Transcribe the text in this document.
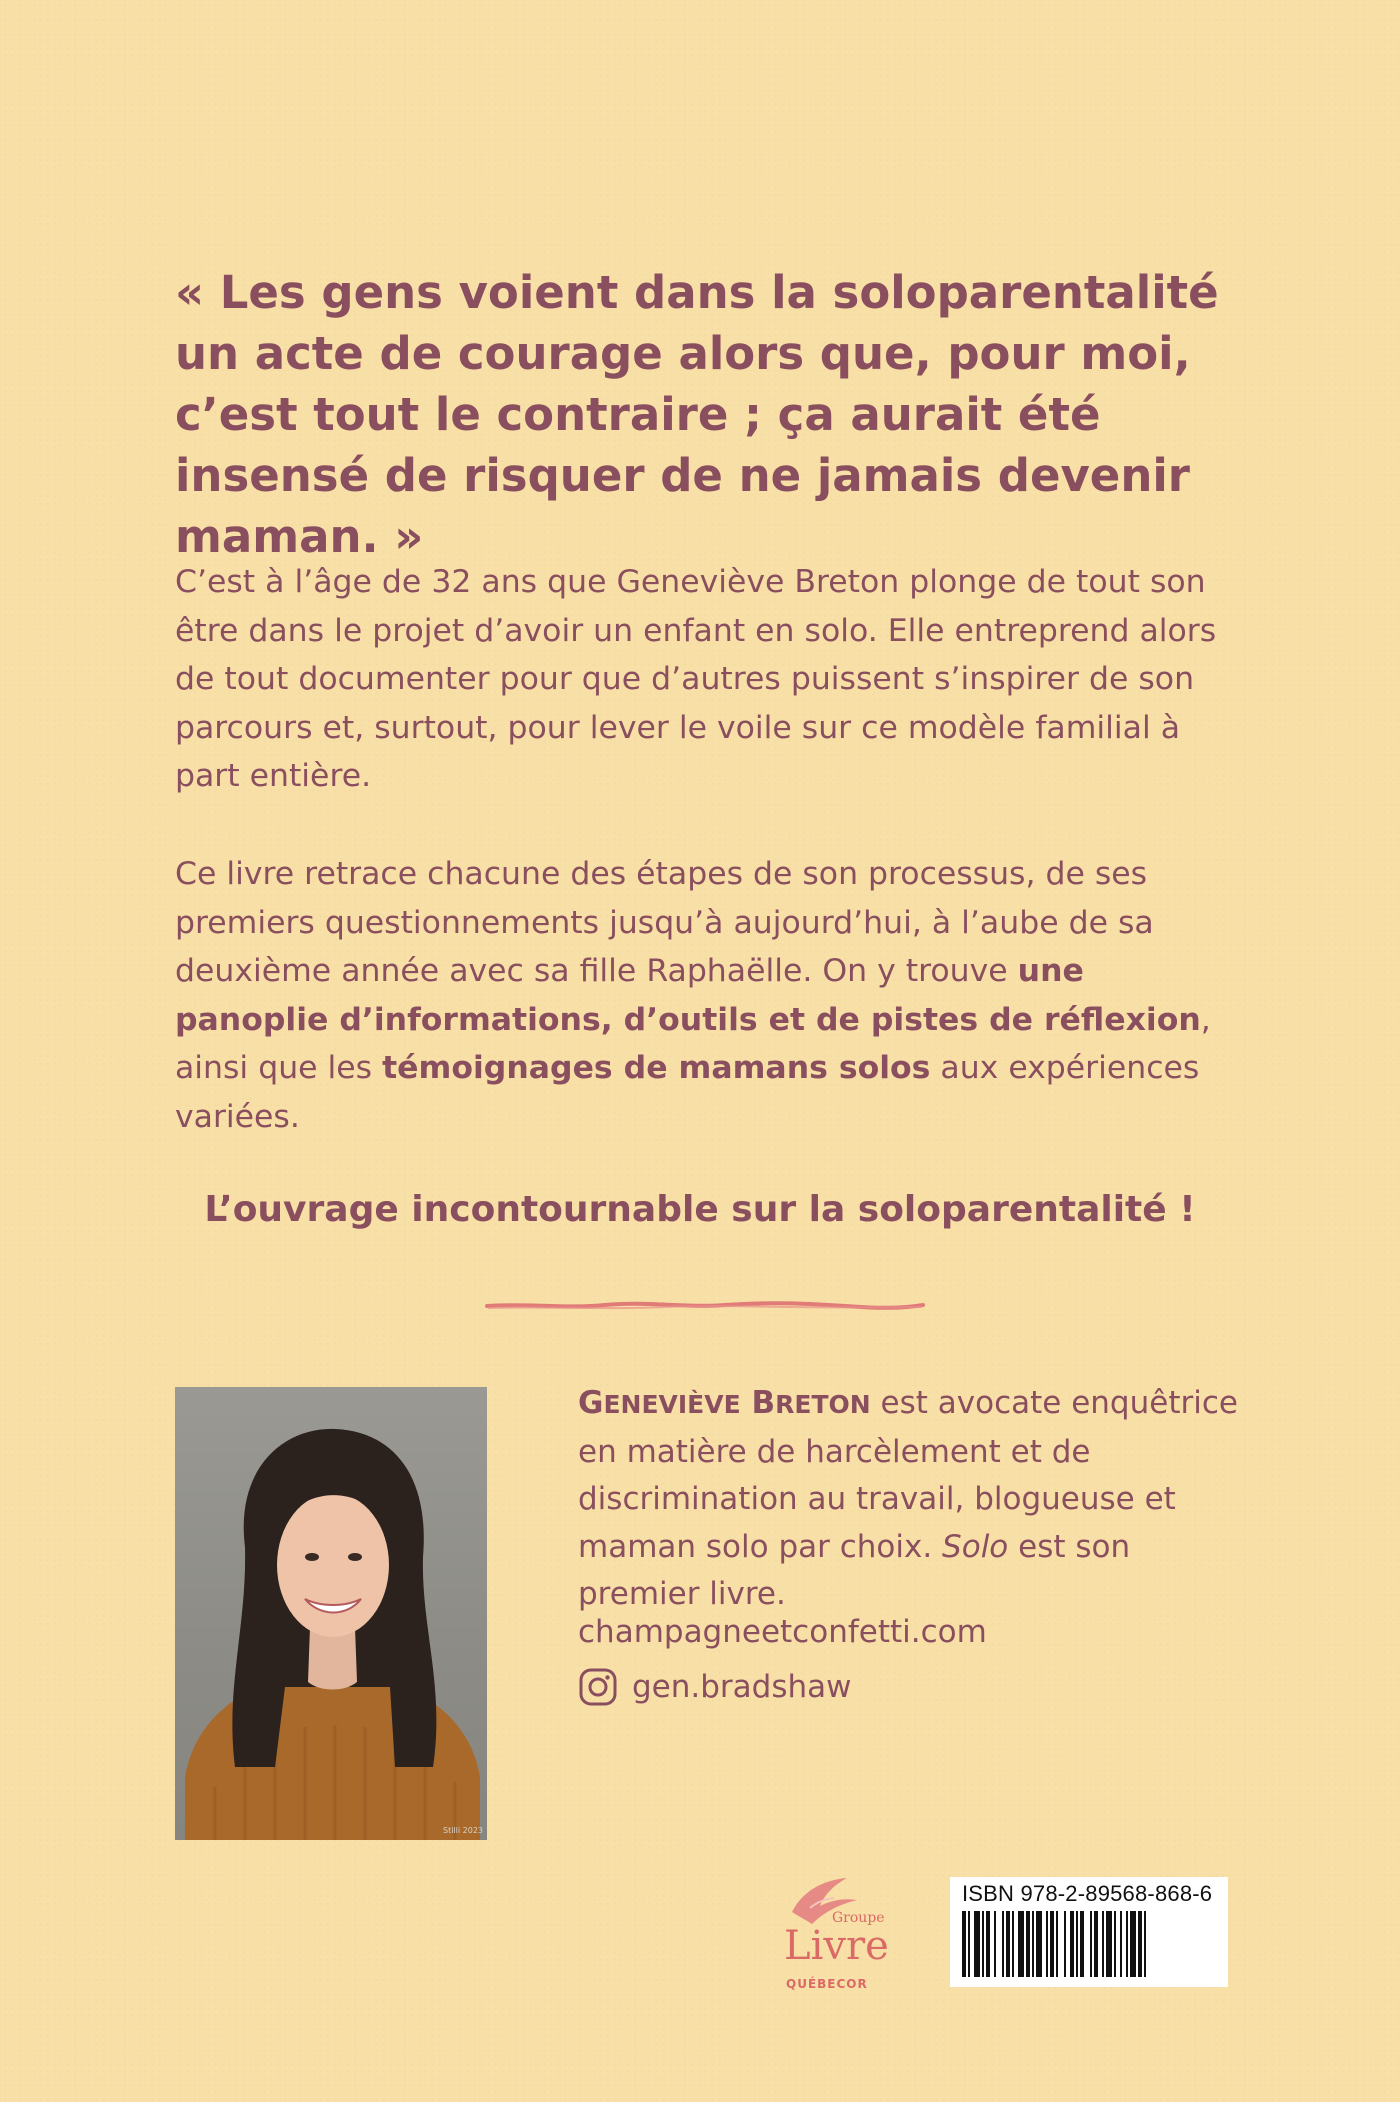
« Les gens voient dans la soloparentalité un acte de courage alors que, pour moi, c’est tout le contraire ; ça aurait été insensé de risquer de ne jamais devenir maman. »

C’est à l’âge de 32 ans que Geneviève Breton plonge de tout son être dans le projet d’avoir un enfant en solo. Elle entreprend alors de tout documenter pour que d’autres puissent s’inspirer de son parcours et, surtout, pour lever le voile sur ce modèle familial à part entière.

Ce livre retrace chacune des étapes de son processus, de ses premiers questionnements jusqu’à aujourd’hui, à l’aube de sa deuxième année avec sa fille Raphaëlle. On y trouve une panoplie d’informations, d’outils et de pistes de réflexion, ainsi que les témoignages de mamans solos aux expériences variées.

L’ouvrage incontournable sur la soloparentalité !

Stilli 2023

GENEVIÈVE BRETON est avocate enquêtrice en matière de harcèlement et de discrimination au travail, blogueuse et maman solo par choix. Solo est son premier livre.

champagneetconfetti.com

gen.bradshaw
Groupe
Livre
QUÉBECOR
ISBN 978-2-89568-868-6
